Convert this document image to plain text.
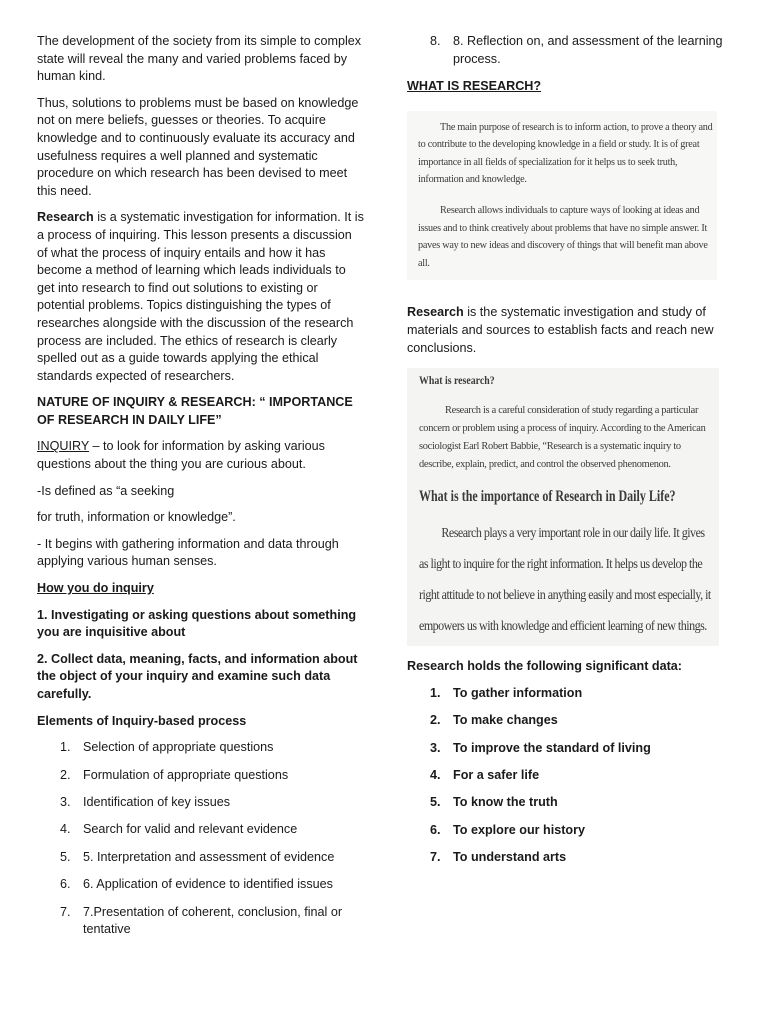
The development of the society from its simple to complex state will reveal the many and varied problems faced by human kind.

Thus, solutions to problems must be based on knowledge not on mere beliefs, guesses or theories. To acquire knowledge and to continuously evaluate its accuracy and usefulness requires a well planned and systematic procedure on which research has been devised to meet this need.

Research is a systematic investigation for information. It is a process of inquiring. This lesson presents a discussion of what the process of inquiry entails and how it has become a method of learning which leads individuals to get into research to find out solutions to existing or potential problems. Topics distinguishing the types of researches alongside with the discussion of the research process are included. The ethics of research is clearly spelled out as a guide towards applying the ethical standards expected of researchers.

NATURE OF INQUIRY & RESEARCH: “ IMPORTANCE OF RESEARCH IN DAILY LIFE”

INQUIRY – to look for information by asking various questions about the thing you are curious about.

-Is defined as “a seeking

for truth, information or knowledge”.

- It begins with gathering information and data through applying various human senses.

How you do inquiry

1. Investigating or asking questions about something you are inquisitive about

2. Collect data, meaning, facts, and information about the object of your inquiry and examine such data carefully.

Elements of Inquiry-based process

1. Selection of appropriate questions
2. Formulation of appropriate questions
3. Identification of key issues
4. Search for valid and relevant evidence
5. 5. Interpretation and assessment of evidence
6. 6. Application of evidence to identified issues
7. 7.Presentation of coherent, conclusion, final or tentative
8. 8. Reflection on, and assessment of the learning process.

WHAT IS RESEARCH?

The main purpose of research is to inform action, to prove a theory and to contribute to the developing knowledge in a field or study. It is of great importance in all fields of specialization for it helps us to seek truth, information and knowledge.
Research allows individuals to capture ways of looking at ideas and issues and to think creatively about problems that have no simple answer. It paves way to new ideas and discovery of things that will benefit man above all.

Research is the systematic investigation and study of materials and sources to establish facts and reach new conclusions.

What is research?
Research is a careful consideration of study regarding a particular concern or problem using a process of inquiry. According to the American sociologist Earl Robert Babbie, “Research is a systematic inquiry to describe, explain, predict, and control the observed phenomenon.
What is the importance of Research in Daily Life?
Research plays a very important role in our daily life. It gives as light to inquire for the right information. It helps us develop the right attitude to not believe in anything easily and most especially, it empowers us with knowledge and efficient learning of new things.

Research holds the following significant data:

1. To gather information
2. To make changes
3. To improve the standard of living
4. For a safer life
5. To know the truth
6. To explore our history
7. To understand arts
